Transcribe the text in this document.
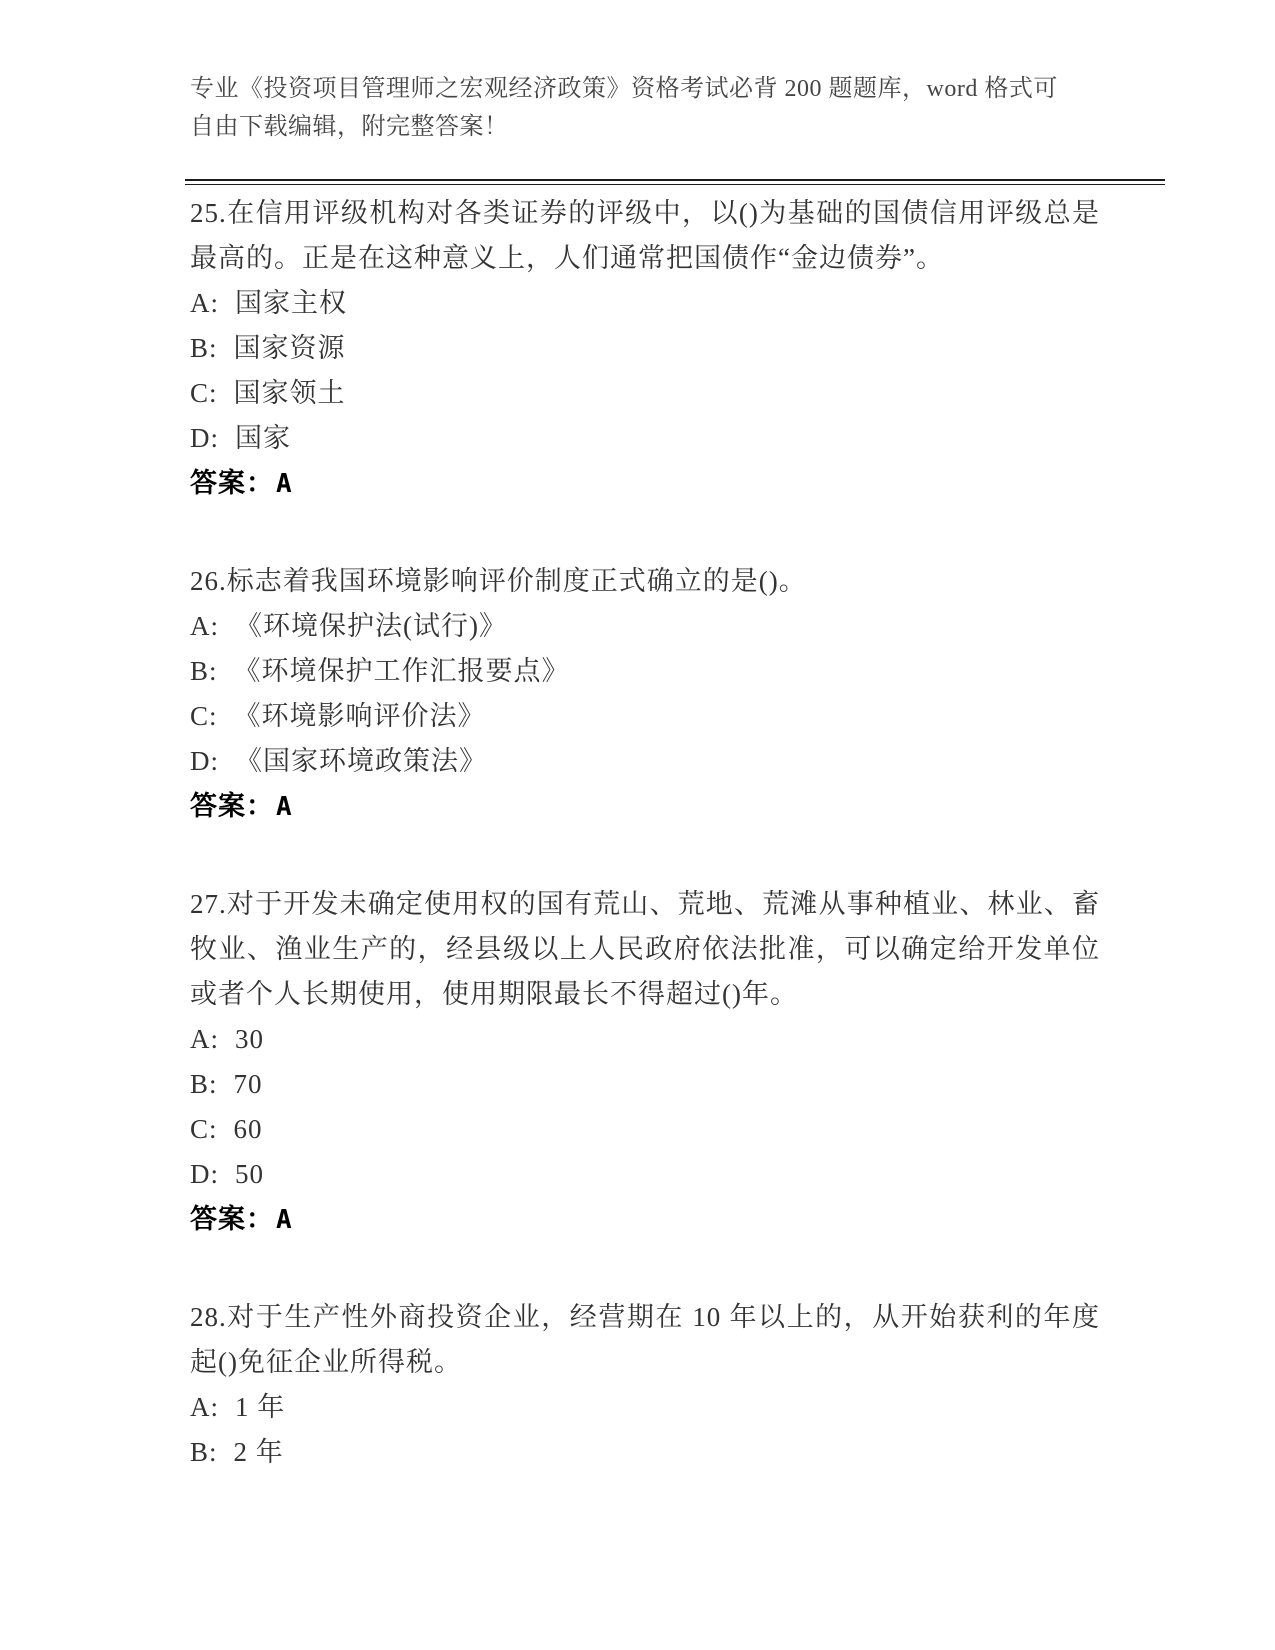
专业《投资项目管理师之宏观经济政策》资格考试必背 200 题题库，word 格式可
自由下载编辑，附完整答案！

25.在信用评级机构对各类证券的评级中，以()为基础的国债信用评级总是最高的。正是在这种意义上，人们通常把国债作“金边债券”。

A: 国家主权
B: 国家资源
C: 国家领土
D: 国家

答案：A

26.标志着我国环境影响评价制度正式确立的是()。

A: 《环境保护法(试行)》
B: 《环境保护工作汇报要点》
C: 《环境影响评价法》
D: 《国家环境政策法》

答案：A

27.对于开发未确定使用权的国有荒山、荒地、荒滩从事种植业、林业、畜牧业、渔业生产的，经县级以上人民政府依法批准，可以确定给开发单位或者个人长期使用，使用期限最长不得超过()年。

A: 30
B: 70
C: 60
D: 50

答案：A

28.对于生产性外商投资企业，经营期在 10 年以上的，从开始获利的年度起()免征企业所得税。

A: 1 年
B: 2 年
